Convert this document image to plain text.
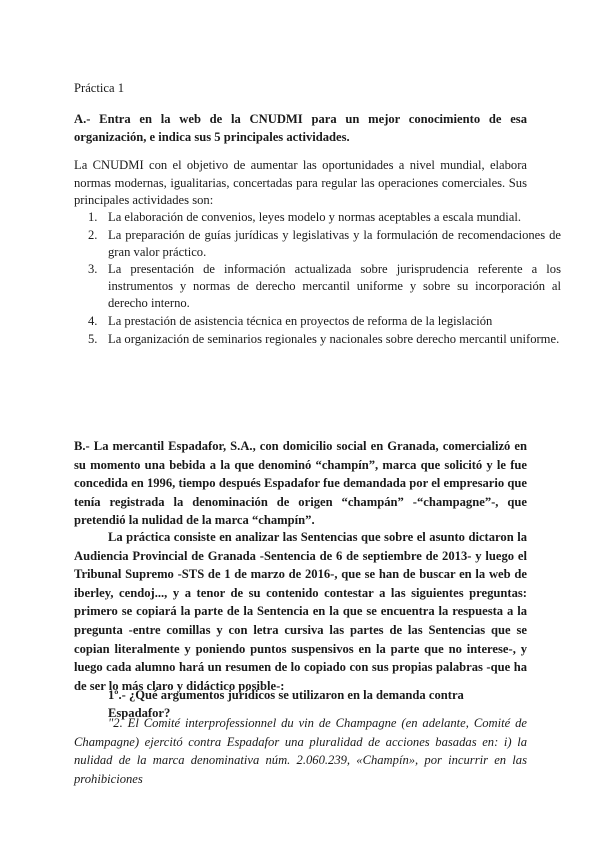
Práctica 1

A.- Entra en la web de la CNUDMI para un mejor conocimiento de esa organización, e indica sus 5 principales actividades.

La CNUDMI con el objetivo de aumentar las oportunidades a nivel mundial, elabora normas modernas, igualitarias, concertadas para regular las operaciones comerciales. Sus principales actividades son:

1. La elaboración de convenios, leyes modelo y normas aceptables a escala mundial.
2. La preparación de guías jurídicas y legislativas y la formulación de recomendaciones de gran valor práctico.
3. La presentación de información actualizada sobre jurisprudencia referente a los instrumentos y normas de derecho mercantil uniforme y sobre su incorporación al derecho interno.
4. La prestación de asistencia técnica en proyectos de reforma de la legislación
5. La organización de seminarios regionales y nacionales sobre derecho mercantil uniforme.

B.- La mercantil Espadafor, S.A., con domicilio social en Granada, comercializó en su momento una bebida a la que denominó “champín”, marca que solicitó y le fue concedida en 1996, tiempo después Espadafor fue demandada por el empresario que tenía registrada la denominación de origen “champán” -“champagne”-, que pretendió la nulidad de la marca “champín”.

La práctica consiste en analizar las Sentencias que sobre el asunto dictaron la Audiencia Provincial de Granada -Sentencia de 6 de septiembre de 2013- y luego el Tribunal Supremo -STS de 1 de marzo de 2016-, que se han de buscar en la web de iberley, cendoj..., y a tenor de su contenido contestar a las siguientes preguntas: primero se copiará la parte de la Sentencia en la que se encuentra la respuesta a la pregunta -entre comillas y con letra cursiva las partes de las Sentencias que se copian literalmente y poniendo puntos suspensivos en la parte que no interese-, y luego cada alumno hará un resumen de lo copiado con sus propias palabras -que ha de ser lo más claro y didáctico posible-:

1º.- ¿Qué argumentos jurídicos se utilizaron en la demanda contra Espadafor?

"2. El Comité interprofessionnel du vin de Champagne (en adelante, Comité de Champagne) ejercitó contra Espadafor una pluralidad de acciones basadas en: i) la nulidad de la marca denominativa núm. 2.060.239, «Champín», por incurrir en las prohibiciones
